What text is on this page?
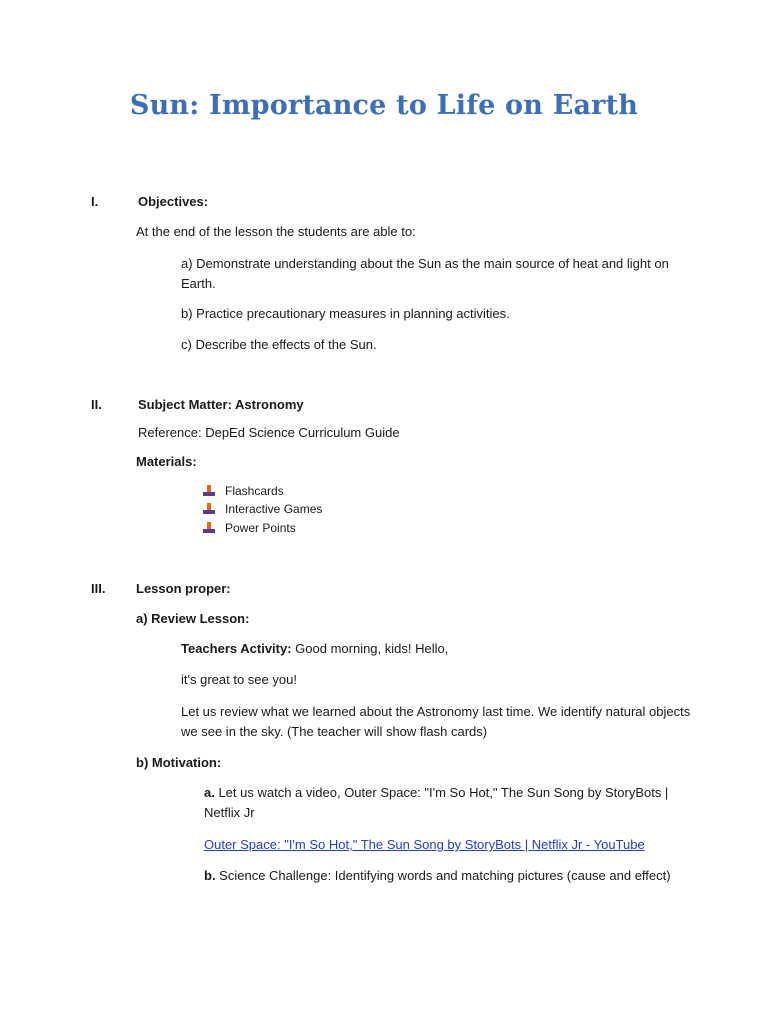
Sun: Importance to Life on Earth
I.	Objectives:
At the end of the lesson the students are able to:
a) Demonstrate understanding about the Sun as the main source of heat and light on Earth.
b) Practice precautionary measures in planning activities.
c) Describe the effects of the Sun.
II.	Subject Matter: Astronomy
Reference: DepEd Science Curriculum Guide
Materials:
Flashcards
Interactive Games
Power Points
III. Lesson proper:
a) Review Lesson:
Teachers Activity: Good morning, kids! Hello,
it's great to see you!
Let us review what we learned about the Astronomy last time. We identify natural objects we see in the sky. (The teacher will show flash cards)
b) Motivation:
a. Let us watch a video, Outer Space: "I'm So Hot," The Sun Song by StoryBots | Netflix Jr
Outer Space: "I'm So Hot," The Sun Song by StoryBots | Netflix Jr - YouTube
b. Science Challenge: Identifying words and matching pictures (cause and effect)
